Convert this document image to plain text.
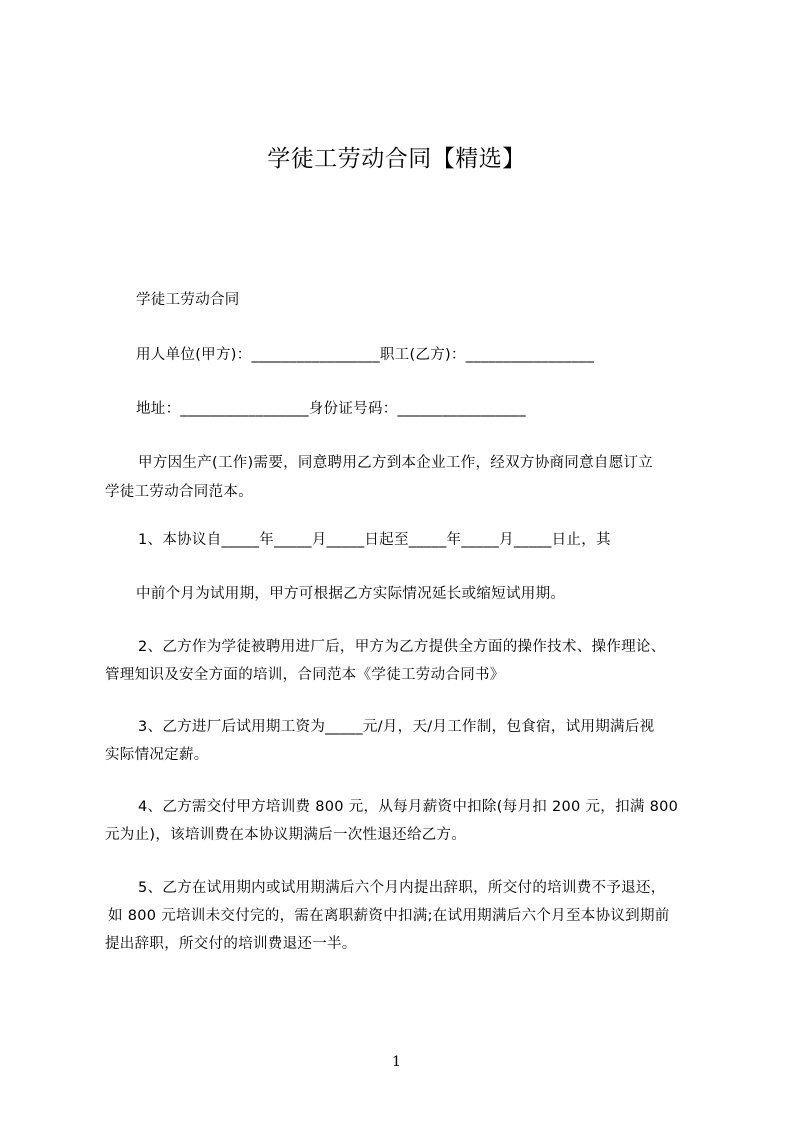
学徒工劳动合同【精选】

学徒工劳动合同

用人单位(甲方)：_________________职工(乙方)：_________________

地址：_________________身份证号码：_________________

甲方因生产(工作)需要，同意聘用乙方到本企业工作，经双方协商同意自愿订立

学徒工劳动合同范本。

1、本协议自_____年_____月_____日起至_____年_____月_____日止，其

中前个月为试用期，甲方可根据乙方实际情况延长或缩短试用期。

2、乙方作为学徒被聘用进厂后，甲方为乙方提供全方面的操作技术、操作理论、

管理知识及安全方面的培训，合同范本《学徒工劳动合同书》

3、乙方进厂后试用期工资为_____元/月，天/月工作制，包食宿，试用期满后视

实际情况定薪。

4、乙方需交付甲方培训费 800 元，从每月薪资中扣除(每月扣 200 元，扣满 800

元为止)，该培训费在本协议期满后一次性退还给乙方。

5、乙方在试用期内或试用期满后六个月内提出辞职，所交付的培训费不予退还，

如 800 元培训未交付完的，需在离职薪资中扣满;在试用期满后六个月至本协议到期前

提出辞职，所交付的培训费退还一半。

1
